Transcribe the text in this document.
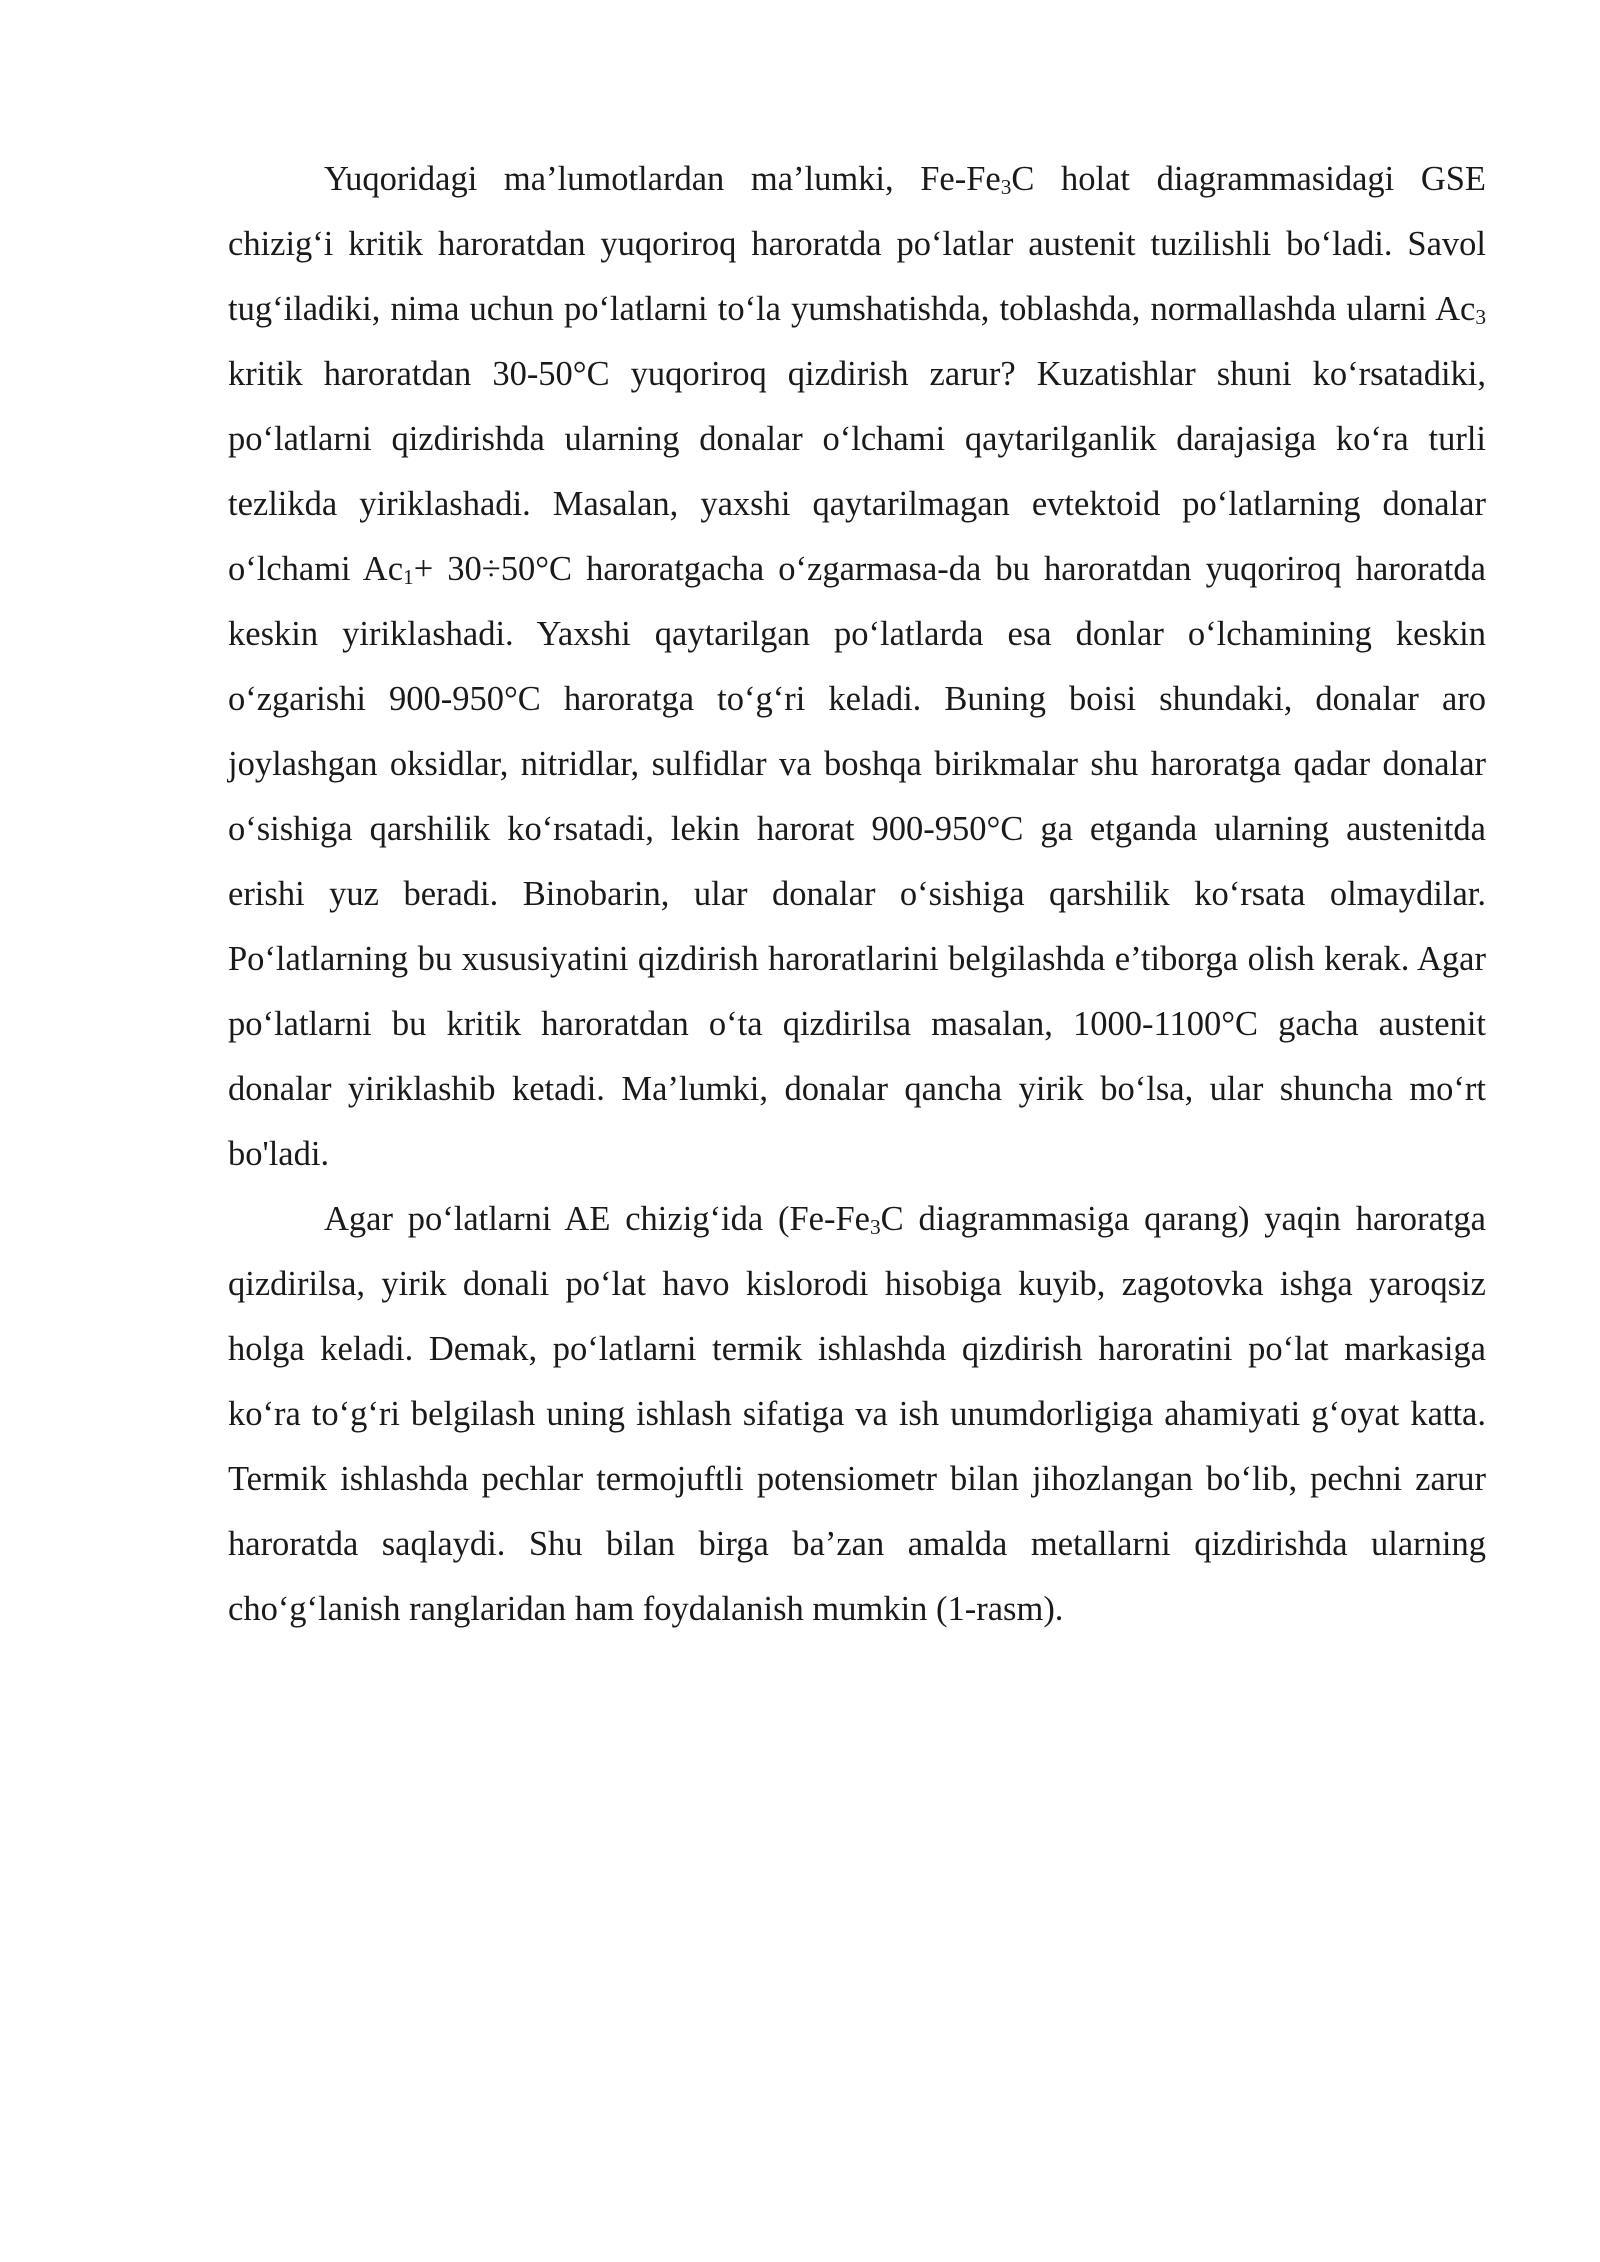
Yuqoridagi ma’lumotlardan ma’lumki, $Fe-Fe_3C$ holat diagrammasidagi GSE chizig‘i kritik haroratdan yuqoriroq haroratda po‘latlar austenit tuzilishli bo‘ladi. Savol tug‘iladiki, nima uchun po‘latlarni to‘la yumshatishda, toblashda, normallashda ularni $Ac_3$ kritik haroratdan 30-50°C yuqoriroq qizdirish zarur? Kuzatishlar shuni ko‘rsatadiki, po‘latlarni qizdirishda ularning donalar o‘lchami qaytarilganlik darajasiga ko‘ra turli tezlikda yiriklashadi. Masalan, yaxshi qaytarilmagan evtektoid po‘latlarning donalar o‘lchami $Ac_1+ 30\div 50^\circ C$ haroratgacha o‘zgarmasa-da bu haroratdan yuqoriroq haroratda keskin yiriklashadi. Yaxshi qaytarilgan po‘latlarda esa donlar o‘lchamining keskin o‘zgarishi 900-950°C haroratga to‘g‘ri keladi. Buning boisi shundaki, donalar aro joylashgan oksidlar, nitridlar, sulfidlar va boshqa birikmalar shu haroratga qadar donalar o‘sishiga qarshilik ko‘rsatadi, lekin harorat 900-950°C ga etganda ularning austenitda erishi yuz beradi. Binobarin, ular donalar o‘sishiga qarshilik ko‘rsata olmaydilar. Po‘latlarning bu xususiyatini qizdirish haroratlarini belgilashda e’tiborga olish kerak. Agar po‘latlarni bu kritik haroratdan o‘ta qizdirilsa masalan, 1000-1100°C gacha austenit donalar yiriklashib ketadi. Ma’lumki, donalar qancha yirik bo‘lsa, ular shuncha mo‘rt bo'ladi.

Agar po‘latlarni AE chizig‘ida ($Fe-Fe_3C$ diagrammasiga qarang) yaqin haroratga qizdirilsa, yirik donali po‘lat havo kislorodi hisobiga kuyib, zagotovka ishga yaroqsiz holga keladi. Demak, po‘latlarni termik ishlashda qizdirish haroratini po‘lat markasiga ko‘ra to‘g‘ri belgilash uning ishlash sifatiga va ish unumdorligiga ahamiyati g‘oyat katta. Termik ishlashda pechlar termojuftli potensiometr bilan jihozlangan bo‘lib, pechni zarur haroratda saqlaydi. Shu bilan birga ba’zan amalda metallarni qizdirishda ularning cho‘g‘lanish ranglaridan ham foydalanish mumkin (1-rasm).
